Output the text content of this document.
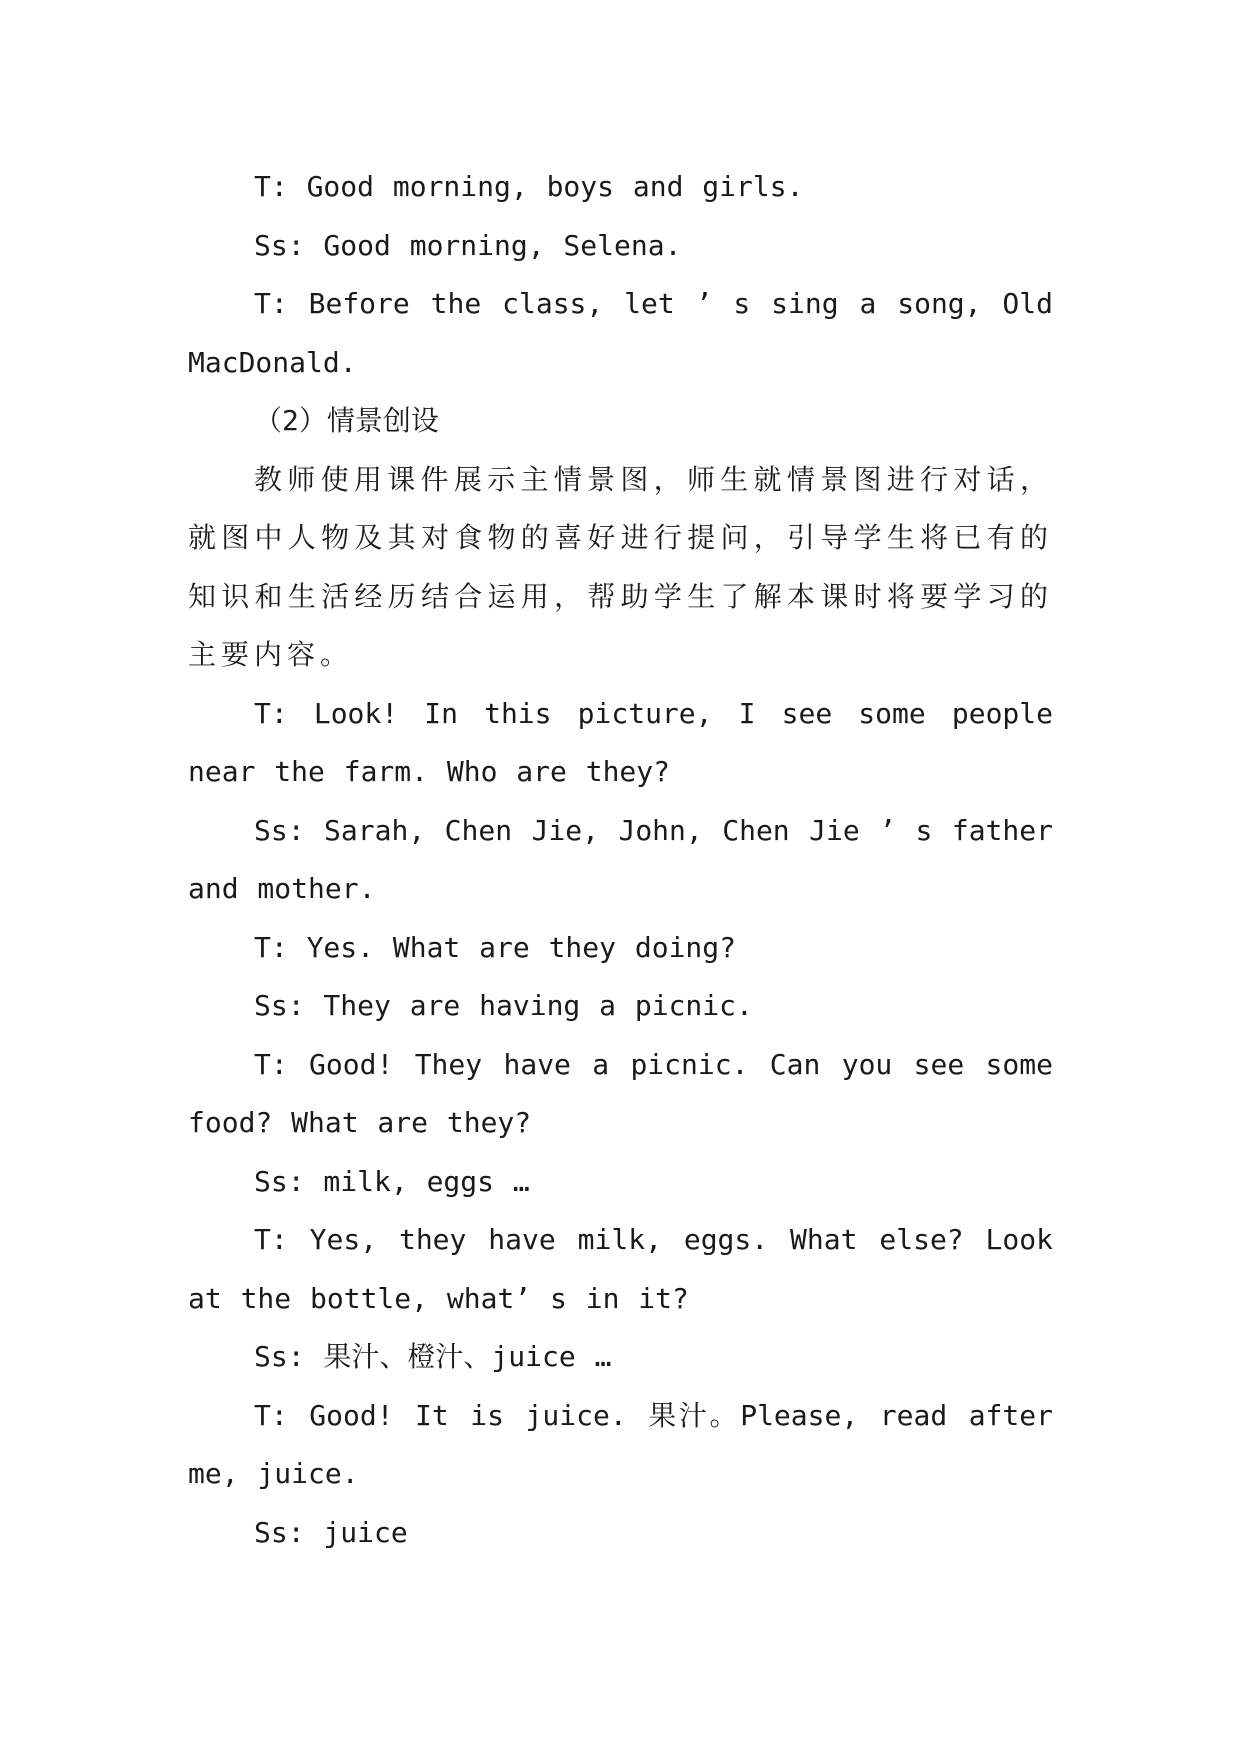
T: Good morning, boys and girls.

Ss: Good morning, Selena.

T: Before the class, let ’ s sing a song, Old MacDonald.

（2）情景创设

教师使用课件展示主情景图，师生就情景图进行对话，就图中人物及其对食物的喜好进行提问，引导学生将已有的知识和生活经历结合运用，帮助学生了解本课时将要学习的主要内容。

T: Look! In this picture, I see some people near the farm. Who are they?

Ss: Sarah, Chen Jie, John, Chen Jie ’ s father and mother.

T: Yes. What are they doing?

Ss: They are having a picnic.

T: Good! They have a picnic. Can you see some food? What are they?

Ss: milk, eggs …

T: Yes, they have milk, eggs. What else? Look at the bottle, what’ s in it?

Ss: 果汁、橙汁、juice …

T: Good! It is juice. 果汁。Please, read after me, juice.

Ss: juice
